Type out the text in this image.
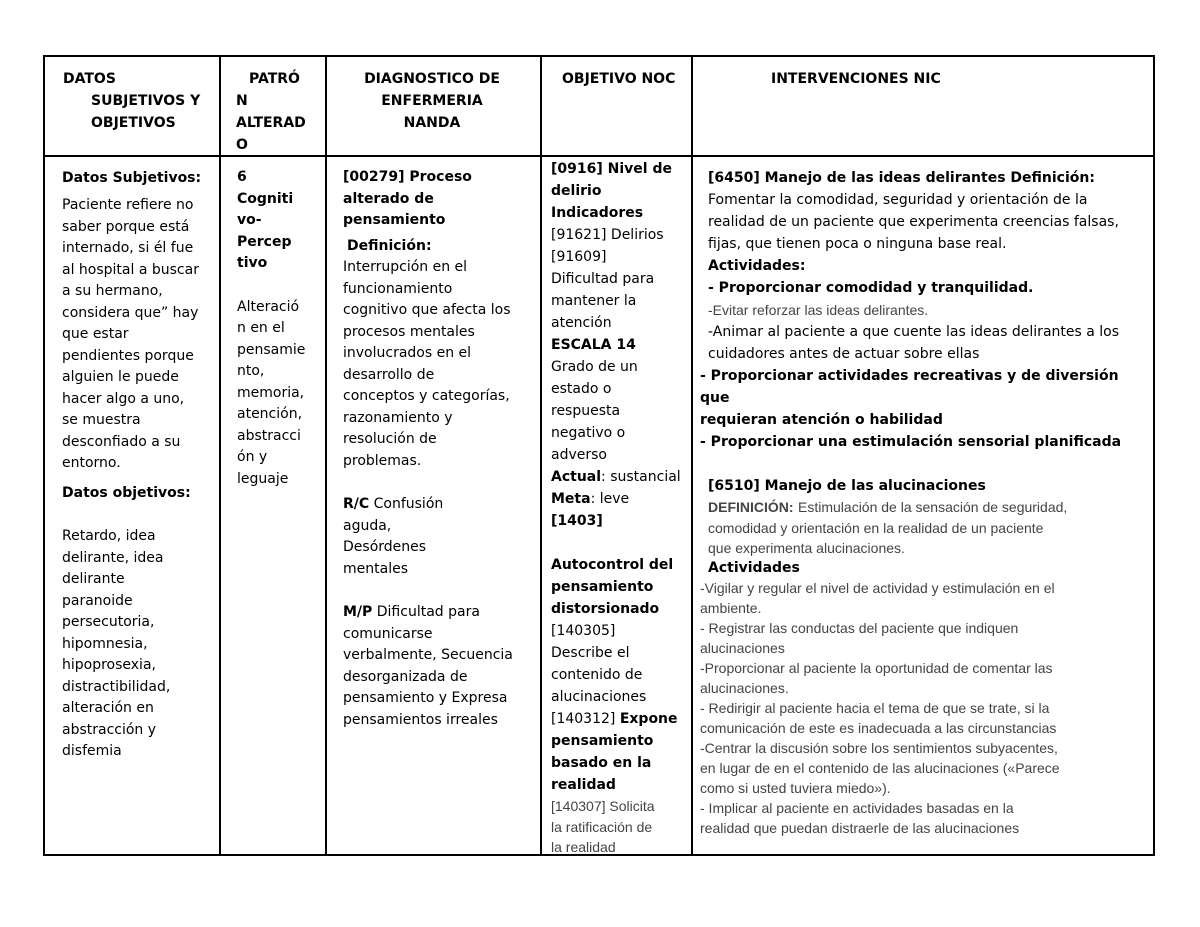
DATOS

SUBJETIVOS Y

OBJETIVOS

PATRÓ

N

ALTERAD

O

DIAGNOSTICO DE

ENFERMERIA

NANDA

OBJETIVO NOC	INTERVENCIONES NIC

Datos Subjetivos:

Paciente refiere no

saber porque está

internado, si él fue

al hospital a buscar

a su hermano,

considera que” hay

que estar

pendientes porque

alguien le puede

hacer algo a uno,

se muestra

desconfiado a su

entorno.

Datos objetivos:

Retardo, idea

delirante, idea

delirante

paranoide

persecutoria,

hipomnesia,

hipoprosexia,

distractibilidad,

alteración en

abstracción y

disfemia

6

Cogniti

vo-

Percep

tivo

Alteració

n en el

pensamie

nto,

memoria,

atención,

abstracci

ón y

leguaje

[00279] Proceso

alterado de

pensamiento

Definición:

Interrupción en el

funcionamiento

cognitivo que afecta los

procesos mentales

involucrados en el

desarrollo de

conceptos y categorías,

razonamiento y

resolución de

problemas.

R/C Confusión

aguda,

Desórdenes

mentales

M/P Dificultad para

comunicarse

verbalmente, Secuencia

desorganizada de

pensamiento y Expresa

pensamientos irreales

[0916] Nivel de

delirio

Indicadores

[91621] Delirios

[91609]

Dificultad para

mantener la

atención

ESCALA 14

Grado de un

estado o

respuesta

negativo o

adverso

Actual: sustancial

Meta: leve

[1403]

Autocontrol del

pensamiento

distorsionado

[140305]

Describe el

contenido de

alucinaciones

[140312] Expone

pensamiento

basado en la

realidad

[140307] Solicita

la ratificación de

la realidad

[6450] Manejo de las ideas delirantes Definición:

Fomentar la comodidad, seguridad y orientación de la

realidad de un paciente que experimenta creencias falsas,

fijas, que tienen poca o ninguna base real.

Actividades:

- Proporcionar comodidad y tranquilidad.

-Evitar reforzar las ideas delirantes.

-Animar al paciente a que cuente las ideas delirantes a los

cuidadores antes de actuar sobre ellas

- Proporcionar actividades recreativas y de diversión que

requieran atención o habilidad

- Proporcionar una estimulación sensorial planificada

[6510] Manejo de las alucinaciones

DEFINICIÓN: Estimulación de la sensación de seguridad,

comodidad y orientación en la realidad de un paciente

que experimenta alucinaciones.

Actividades

-Vigilar y regular el nivel de actividad y estimulación en el

ambiente.

- Registrar las conductas del paciente que indiquen

alucinaciones

-Proporcionar al paciente la oportunidad de comentar las

alucinaciones.

- Redirigir al paciente hacia el tema de que se trate, si la

comunicación de este es inadecuada a las circunstancias

-Centrar la discusión sobre los sentimientos subyacentes,

en lugar de en el contenido de las alucinaciones («Parece

como si usted tuviera miedo»).

- Implicar al paciente en actividades basadas en la

realidad que puedan distraerle de las alucinaciones
